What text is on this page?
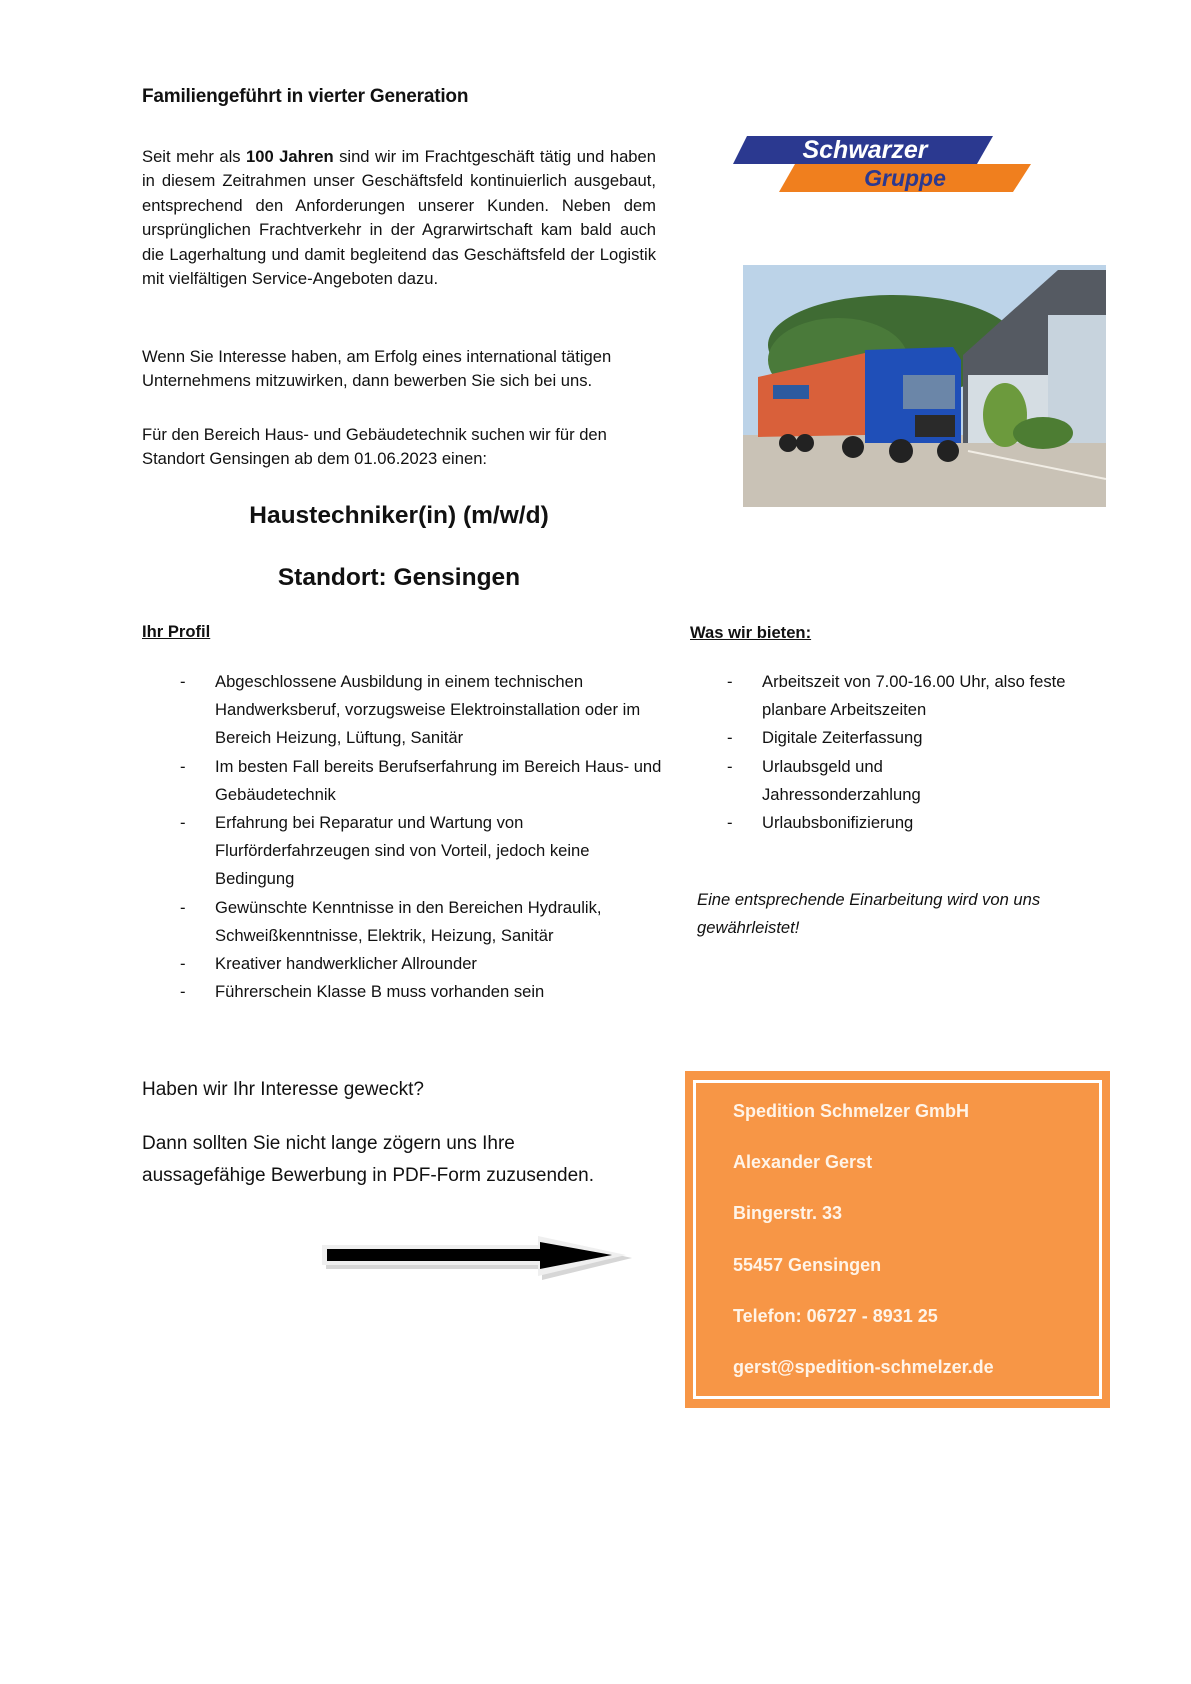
Familiengeführt in vierter Generation
Seit mehr als 100 Jahren sind wir im Frachtgeschäft tätig und haben in diesem Zeitrahmen unser Geschäftsfeld kontinuierlich ausgebaut, entsprechend den Anforderungen unserer Kunden. Neben dem ursprünglichen Frachtverkehr in der Agrarwirtschaft kam bald auch die Lagerhaltung und damit begleitend das Geschäftsfeld der Logistik mit vielfältigen Service-Angeboten dazu.
Wenn Sie Interesse haben, am Erfolg eines international tätigen Unternehmens mitzuwirken, dann bewerben Sie sich bei uns.
Für den Bereich Haus- und Gebäudetechnik suchen wir für den Standort Gensingen ab dem 01.06.2023 einen:
Haustechniker(in) (m/w/d)
Standort: Gensingen
Schwarzer
Gruppe
Ihr Profil
- Abgeschlossene Ausbildung in einem technischen Handwerksberuf, vorzugsweise Elektroinstallation oder im Bereich Heizung, Lüftung, Sanitär
- Im besten Fall bereits Berufserfahrung im Bereich Haus- und Gebäudetechnik
- Erfahrung bei Reparatur und Wartung von Flurförderfahrzeugen sind von Vorteil, jedoch keine Bedingung
- Gewünschte Kenntnisse in den Bereichen Hydraulik, Schweißkenntnisse, Elektrik, Heizung, Sanitär
- Kreativer handwerklicher Allrounder
- Führerschein Klasse B muss vorhanden sein
Was wir bieten:
- Arbeitszeit von 7.00-16.00 Uhr, also feste planbare Arbeitszeiten
- Digitale Zeiterfassung
- Urlaubsgeld und Jahressonderzahlung
- Urlaubsbonifizierung
Eine entsprechende Einarbeitung wird von uns gewährleistet!
Haben wir Ihr Interesse geweckt?
Dann sollten Sie nicht lange zögern uns Ihre aussagefähige Bewerbung in PDF-Form zuzusenden.
Spedition Schmelzer GmbH
Alexander Gerst
Bingerstr. 33
55457 Gensingen
Telefon: 06727 - 8931 25
gerst@spedition-schmelzer.de
